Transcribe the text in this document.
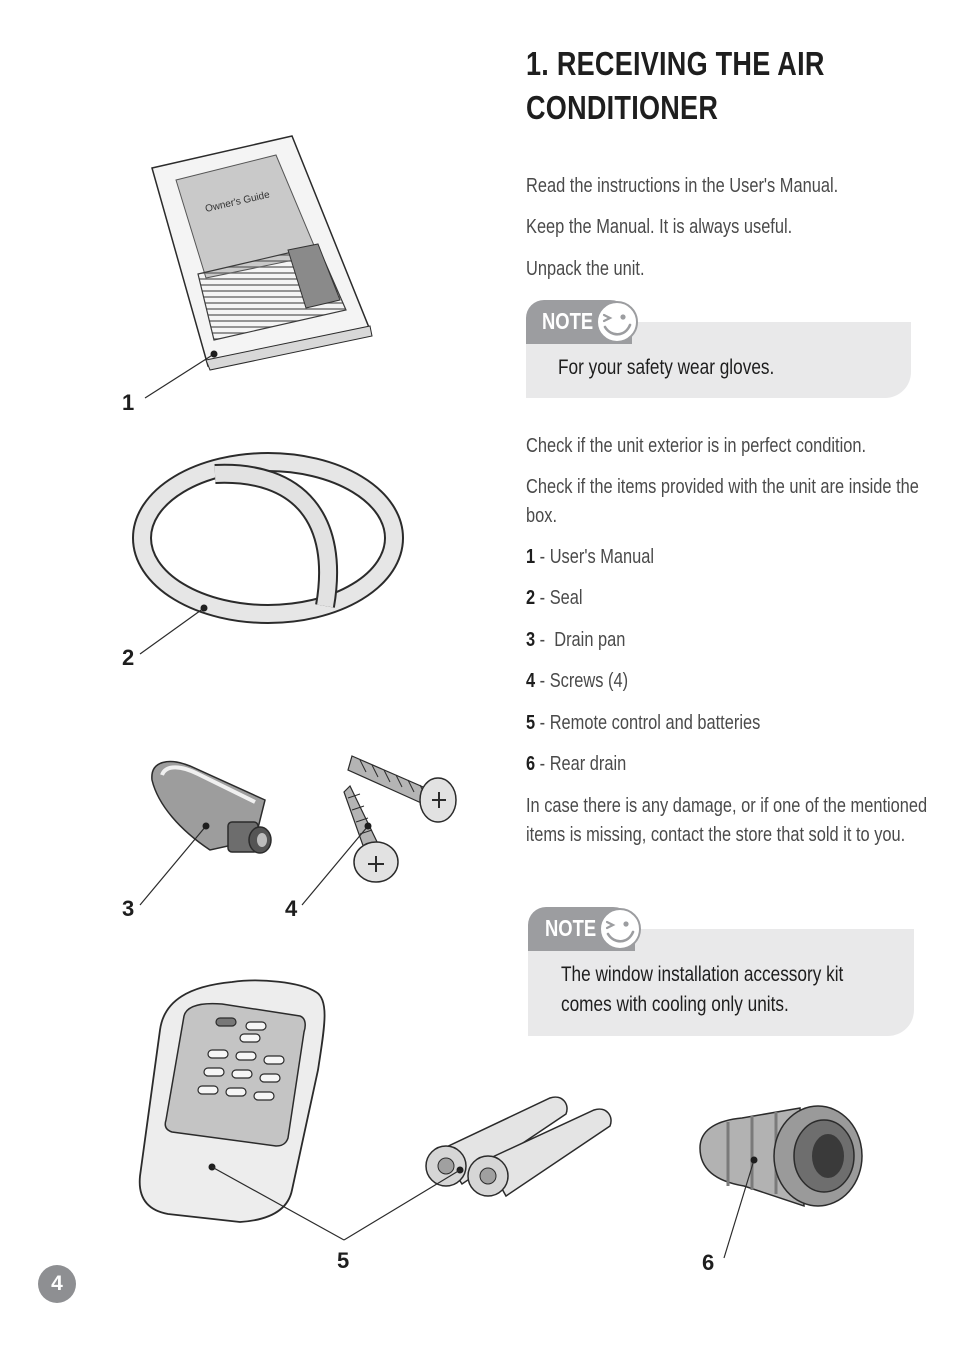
Owner's Guide
1
2
3	4
5	6
1. RECEIVING THE AIR
CONDITIONER

Read the instructions in the User's Manual.

Keep the Manual. It is always useful.

Unpack the unit.

NOTE

For your safety wear gloves.

Check if the unit exterior is in perfect condition.

Check if the items provided with the unit are inside the

box.

1 - User's Manual

2 - Seal

3 -  Drain pan

4 - Screws (4)

5 - Remote control and batteries

6 - Rear drain

In case there is any damage, or if one of the mentioned

items is missing, contact the store that sold it to you.

NOTE

The window installation accessory kit

comes with cooling only units.

4
